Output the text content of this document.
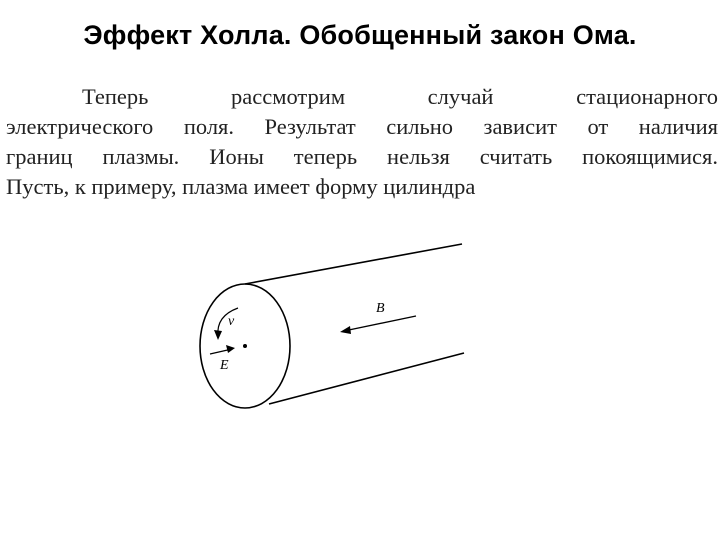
Эффект Холла. Обобщенный закон Ома.
Теперь рассмотрим случай стационарного
электрического поля. Результат сильно зависит от наличия
границ плазмы. Ионы теперь нельзя считать покоящимися.
Пусть, к примеру, плазма имеет форму цилиндра
B
v
E
